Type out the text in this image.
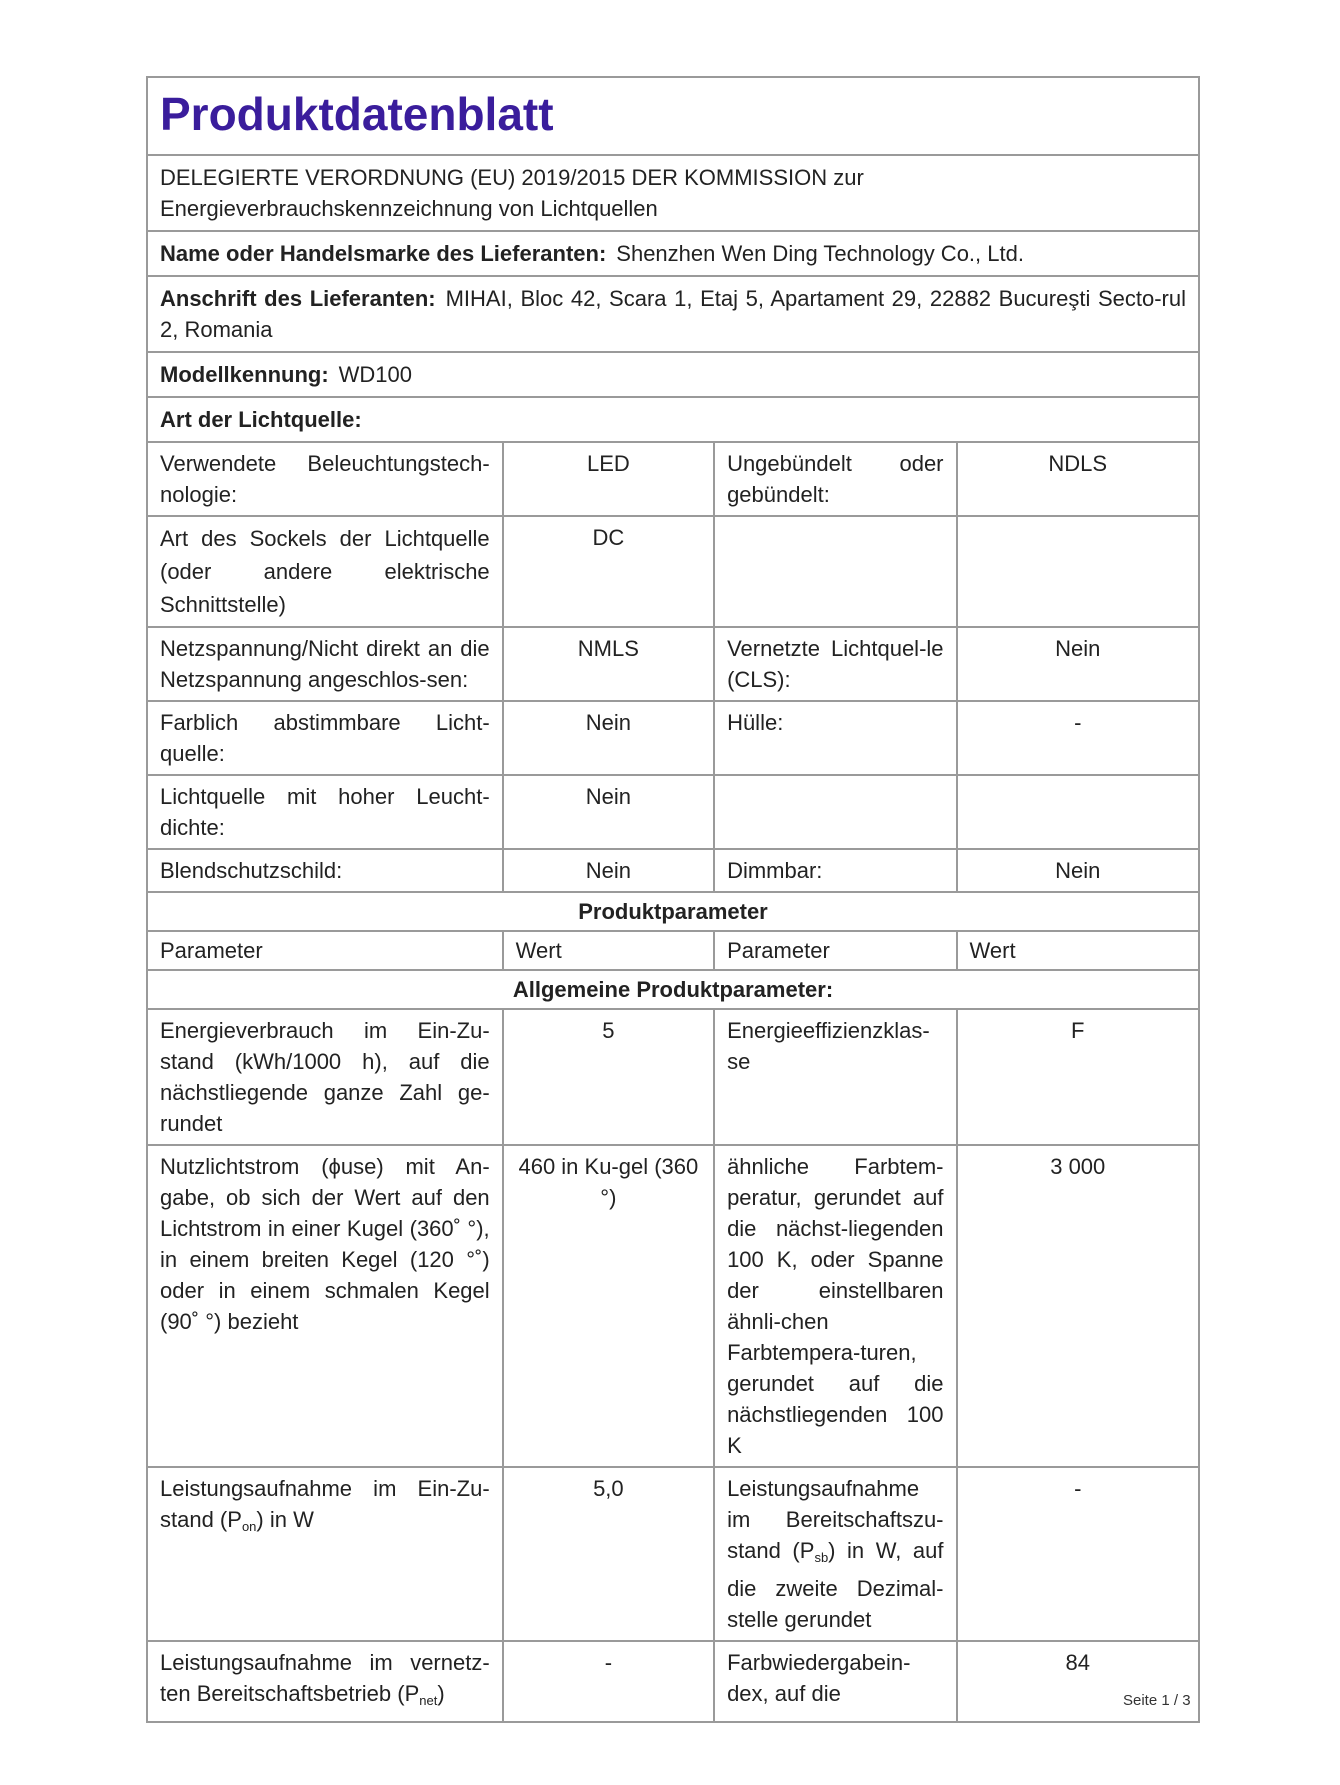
Produktdatenblatt
DELEGIERTE VERORDNUNG (EU) 2019/2015 DER KOMMISSION zur
Energieverbrauchskennzeichnung von Lichtquellen
Name oder Handelsmarke des Lieferanten: Shenzhen Wen Ding Technology Co., Ltd.
Anschrift des Lieferanten: MIHAI, Bloc 42, Scara 1, Etaj 5, Apartament 29, 22882 Bucureşti Secto-rul 2, Romania
Modellkennung: WD100
Art der Lichtquelle:
Verwendete Beleuchtungstech-nologie:	LED	Ungebündelt oder gebündelt:	NDLS
Art des Sockels der Lichtquelle (oder andere elektrische Schnittstelle)	DC		
Netzspannung/Nicht direkt an die Netzspannung angeschlos-sen:	NMLS	Vernetzte Lichtquel-le (CLS):	Nein
Farblich abstimmbare Licht-quelle:	Nein	Hülle:	-
Lichtquelle mit hoher Leucht-dichte:	Nein		
Blendschutzschild:	Nein	Dimmbar:	Nein
Produktparameter			
Parameter	Wert	Parameter	Wert
Allgemeine Produktparameter:			
Energieverbrauch im Ein-Zu-stand (kWh/1000 h), auf die nächstliegende ganze Zahl ge-rundet	5	Energieeffizienzklas-se	F
Nutzlichtstrom (ϕuse) mit An-gabe, ob sich der Wert auf den Lichtstrom in einer Kugel (360˚ °), in einem breiten Kegel (120 °˚) oder in einem schmalen Kegel (90˚ °) bezieht	460 in Ku-gel (360 °)	ähnliche Farbtem-peratur, gerundet auf die nächst-liegenden 100 K, oder Spanne der einstellbaren ähnli-chen Farbtempera-turen, gerundet auf die nächstliegenden 100 K	3 000
Leistungsaufnahme im Ein-Zu-stand $(P_{on})$ in W	5,0	Leistungsaufnahme im Bereitschaftszu-stand $(P_{sb})$ in W, auf die zweite Dezimal-stelle gerundet	-
Leistungsaufnahme im vernetz-ten Bereitschaftsbetrieb $(P_{net})$	-	Farbwiedergabein-dex, auf die	84
Seite 1 / 3
